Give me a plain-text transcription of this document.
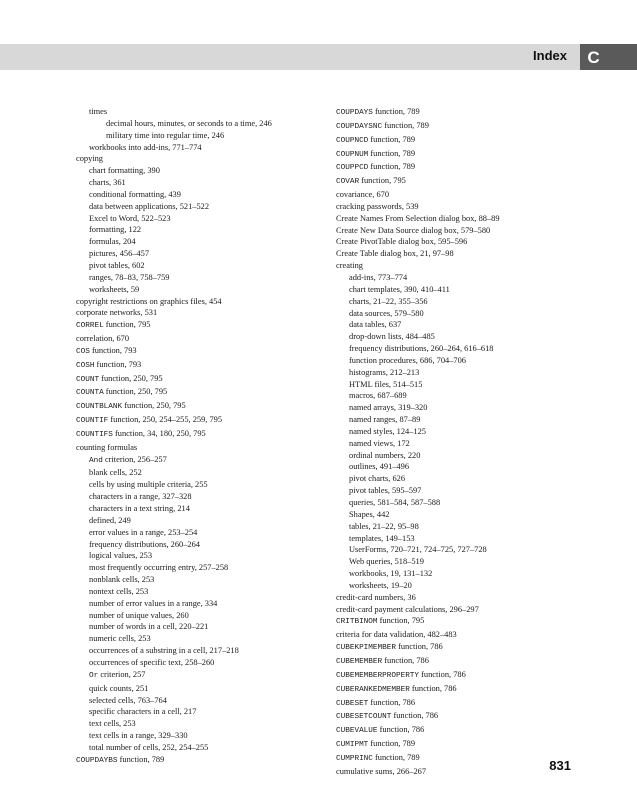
Index	C
times
decimal hours, minutes, or seconds to a time, 246
military time into regular time, 246
workbooks into add-ins, 771–774
copying
chart formatting, 390
charts, 361
conditional formatting, 439
data between applications, 521–522
Excel to Word, 522–523
formatting, 122
formulas, 204
pictures, 456–457
pivot tables, 602
ranges, 78–83, 758–759
worksheets, 59
copyright restrictions on graphics files, 454
corporate networks, 531
CORREL function, 795
correlation, 670
COS function, 793
COSH function, 793
COUNT function, 250, 795
COUNTA function, 250, 795
COUNTBLANK function, 250, 795
COUNTIF function, 250, 254–255, 259, 795
COUNTIFS function, 34, 180, 250, 795
counting formulas
And criterion, 256–257
blank cells, 252
cells by using multiple criteria, 255
characters in a range, 327–328
characters in a text string, 214
defined, 249
error values in a range, 253–254
frequency distributions, 260–264
logical values, 253
most frequently occurring entry, 257–258
nonblank cells, 253
nontext cells, 253
number of error values in a range, 334
number of unique values, 260
number of words in a cell, 220–221
numeric cells, 253
occurrences of a substring in a cell, 217–218
occurrences of specific text, 258–260
Or criterion, 257
quick counts, 251
selected cells, 763–764
specific characters in a cell, 217
text cells, 253
text cells in a range, 329–330
total number of cells, 252, 254–255
COUPDAYBS function, 789
COUPDAYS function, 789
COUPDAYSNC function, 789
COUPNCD function, 789
COUPNUM function, 789
COUPPCD function, 789
COVAR function, 795
covariance, 670
cracking passwords, 539
Create Names From Selection dialog box, 88–89
Create New Data Source dialog box, 579–580
Create PivotTable dialog box, 595–596
Create Table dialog box, 21, 97–98
creating
add-ins, 773–774
chart templates, 390, 410–411
charts, 21–22, 355–356
data sources, 579–580
data tables, 637
drop-down lists, 484–485
frequency distributions, 260–264, 616–618
function procedures, 686, 704–706
histograms, 212–213
HTML files, 514–515
macros, 687–689
named arrays, 319–320
named ranges, 87–89
named styles, 124–125
named views, 172
ordinal numbers, 220
outlines, 491–496
pivot charts, 626
pivot tables, 595–597
queries, 581–584, 587–588
Shapes, 442
tables, 21–22, 95–98
templates, 149–153
UserForms, 720–721, 724–725, 727–728
Web queries, 518–519
workbooks, 19, 131–132
worksheets, 19–20
credit-card numbers, 36
credit-card payment calculations, 296–297
CRITBINOM function, 795
criteria for data validation, 482–483
CUBEKPIMEMBER function, 786
CUBEMEMBER function, 786
CUBEMEMBERPROPERTY function, 786
CUBERANKEDMEMBER function, 786
CUBESET function, 786
CUBESETCOUNT function, 786
CUBEVALUE function, 786
CUMIPMT function, 789
CUMPRINC function, 789
cumulative sums, 266–267	831
